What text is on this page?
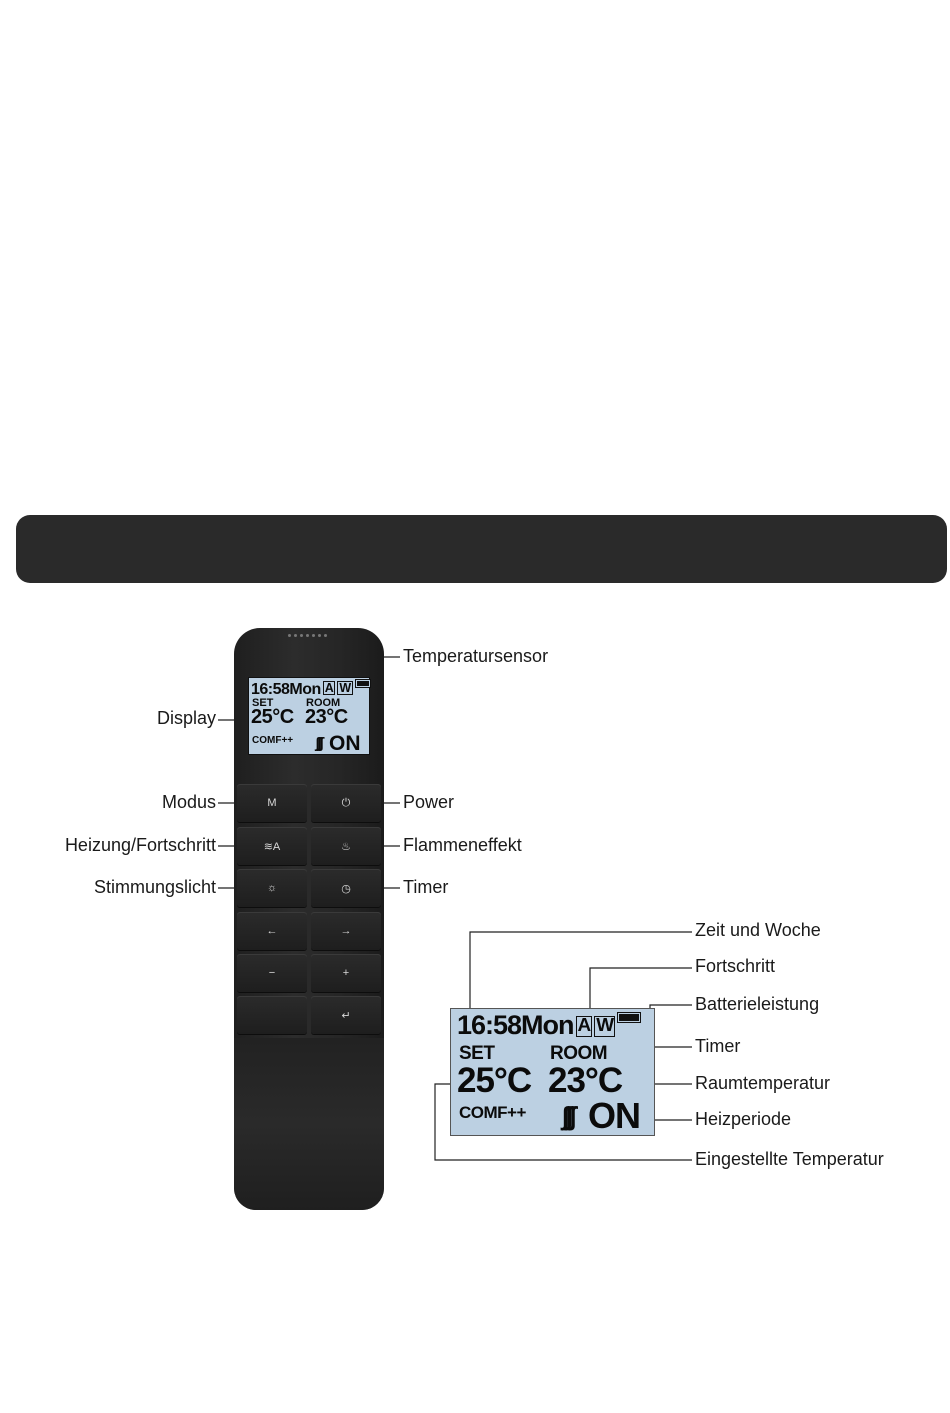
16:58Mon A W
SET	ROOM
25°C 23°C
COMF++ ʃʃʃ ON
M	⏻
≋A	♨
☼	◷
←	→
−	+
↵
Temperatursensor
Display
Modus	Power
Heizung/Fortschritt	Flammeneffekt
Stimmungslicht	Timer
16:58Mon A W
SET	ROOM
25°C 23°C
COMF++ ʃʃʃ ON
Zeit und Woche
Fortschritt
Batterieleistung
Timer
Raumtemperatur
Heizperiode
Eingestellte Temperatur
